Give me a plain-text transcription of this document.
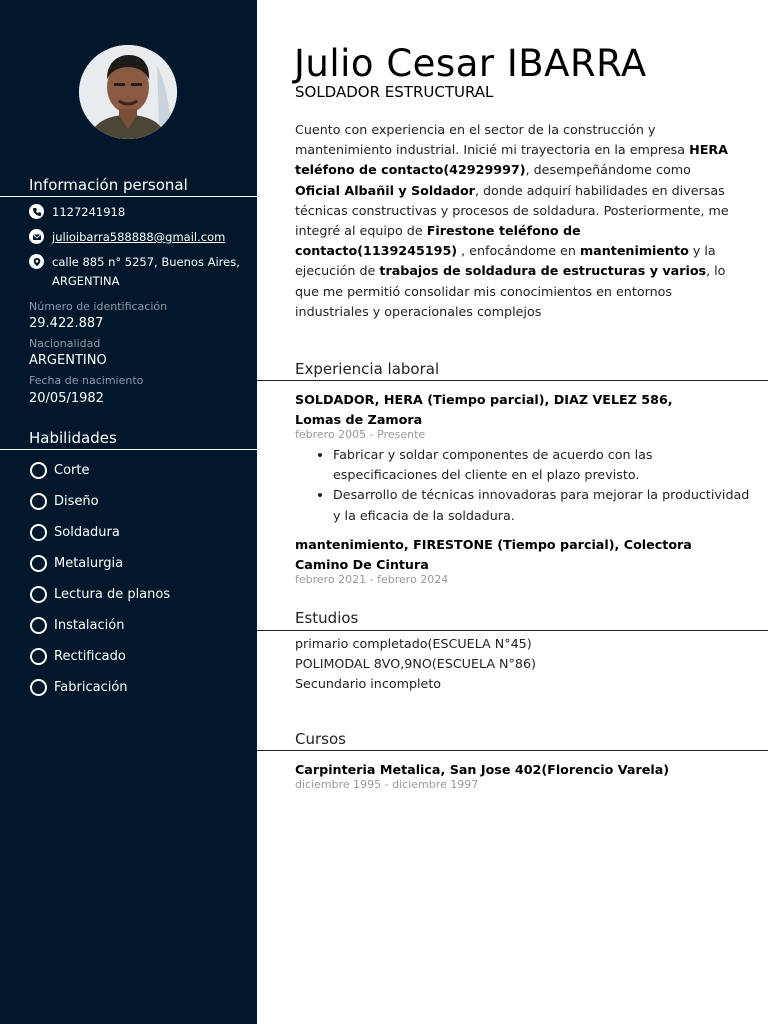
Información personal
1127241918
julioibarra588888@gmail.com
calle 885 n° 5257, Buenos Aires, ARGENTINA
Número de identificación
29.422.887
Nacionalidad
ARGENTINO
Fecha de nacimiento
20/05/1982
Habilidades
Corte
Diseño
Soldadura
Metalurgia
Lectura de planos
Instalación
Rectificado
Fabricación
Julio Cesar IBARRA
SOLDADOR ESTRUCTURAL

Cuento con experiencia en el sector de la construcción y mantenimiento industrial. Inicié mi trayectoria en la empresa HERA teléfono de contacto(42929997), desempeñándome como Oficial Albañil y Soldador, donde adquirí habilidades en diversas técnicas constructivas y procesos de soldadura. Posteriormente, me integré al equipo de Firestone teléfono de contacto(1139245195) , enfocándome en mantenimiento y la ejecución de trabajos de soldadura de estructuras y varios, lo que me permitió consolidar mis conocimientos en entornos industriales y operacionales complejos

Experiencia laboral
SOLDADOR, HERA (Tiempo parcial), DIAZ VELEZ 586, Lomas de Zamora
febrero 2005 - Presente
• Fabricar y soldar componentes de acuerdo con las especificaciones del cliente en el plazo previsto.
• Desarrollo de técnicas innovadoras para mejorar la productividad y la eficacia de la soldadura.
mantenimiento, FIRESTONE (Tiempo parcial), Colectora Camino De Cintura
febrero 2021 - febrero 2024
Estudios
primario completado(ESCUELA N°45)
POLIMODAL 8VO,9NO(ESCUELA N°86)
Secundario incompleto
Cursos
Carpinteria Metalica, San Jose 402(Florencio Varela)
diciembre 1995 - diciembre 1997
